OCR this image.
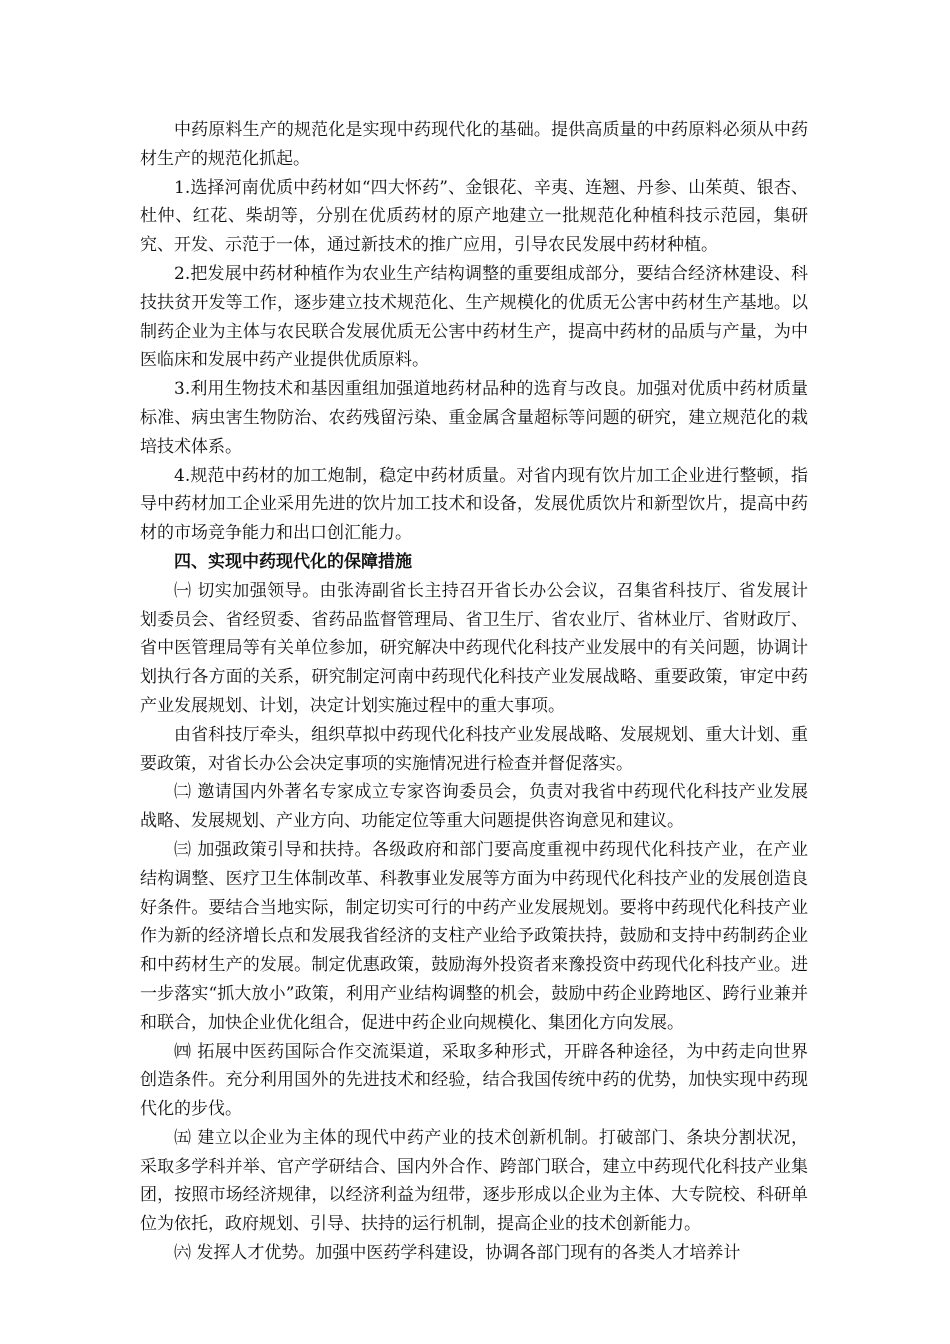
中药原料生产的规范化是实现中药现代化的基础。提供高质量的中药原料必须从中药材生产的规范化抓起。

1.选择河南优质中药材如“四大怀药”、金银花、辛夷、连翘、丹参、山茱萸、银杏、杜仲、红花、柴胡等，分别在优质药材的原产地建立一批规范化种植科技示范园，集研究、开发、示范于一体，通过新技术的推广应用，引导农民发展中药材种植。

2.把发展中药材种植作为农业生产结构调整的重要组成部分，要结合经济林建设、科技扶贫开发等工作，逐步建立技术规范化、生产规模化的优质无公害中药材生产基地。以制药企业为主体与农民联合发展优质无公害中药材生产，提高中药材的品质与产量，为中医临床和发展中药产业提供优质原料。

3.利用生物技术和基因重组加强道地药材品种的选育与改良。加强对优质中药材质量标准、病虫害生物防治、农药残留污染、重金属含量超标等问题的研究，建立规范化的栽培技术体系。

4.规范中药材的加工炮制，稳定中药材质量。对省内现有饮片加工企业进行整顿，指导中药材加工企业采用先进的饮片加工技术和设备，发展优质饮片和新型饮片，提高中药材的市场竞争能力和出口创汇能力。

四、实现中药现代化的保障措施

㈠ 切实加强领导。由张涛副省长主持召开省长办公会议，召集省科技厅、省发展计划委员会、省经贸委、省药品监督管理局、省卫生厅、省农业厅、省林业厅、省财政厅、省中医管理局等有关单位参加，研究解决中药现代化科技产业发展中的有关问题，协调计划执行各方面的关系，研究制定河南中药现代化科技产业发展战略、重要政策，审定中药产业发展规划、计划，决定计划实施过程中的重大事项。

由省科技厅牵头，组织草拟中药现代化科技产业发展战略、发展规划、重大计划、重要政策，对省长办公会决定事项的实施情况进行检查并督促落实。

㈡ 邀请国内外著名专家成立专家咨询委员会，负责对我省中药现代化科技产业发展战略、发展规划、产业方向、功能定位等重大问题提供咨询意见和建议。

㈢ 加强政策引导和扶持。各级政府和部门要高度重视中药现代化科技产业，在产业结构调整、医疗卫生体制改革、科教事业发展等方面为中药现代化科技产业的发展创造良好条件。要结合当地实际，制定切实可行的中药产业发展规划。要将中药现代化科技产业作为新的经济增长点和发展我省经济的支柱产业给予政策扶持，鼓励和支持中药制药企业和中药材生产的发展。制定优惠政策，鼓励海外投资者来豫投资中药现代化科技产业。进一步落实“抓大放小”政策，利用产业结构调整的机会，鼓励中药企业跨地区、跨行业兼并和联合，加快企业优化组合，促进中药企业向规模化、集团化方向发展。

㈣ 拓展中医药国际合作交流渠道，采取多种形式，开辟各种途径，为中药走向世界创造条件。充分利用国外的先进技术和经验，结合我国传统中药的优势，加快实现中药现代化的步伐。

㈤ 建立以企业为主体的现代中药产业的技术创新机制。打破部门、条块分割状况，采取多学科并举、官产学研结合、国内外合作、跨部门联合，建立中药现代化科技产业集团，按照市场经济规律，以经济利益为纽带，逐步形成以企业为主体、大专院校、科研单位为依托，政府规划、引导、扶持的运行机制，提高企业的技术创新能力。

㈥ 发挥人才优势。加强中医药学科建设，协调各部门现有的各类人才培养计
